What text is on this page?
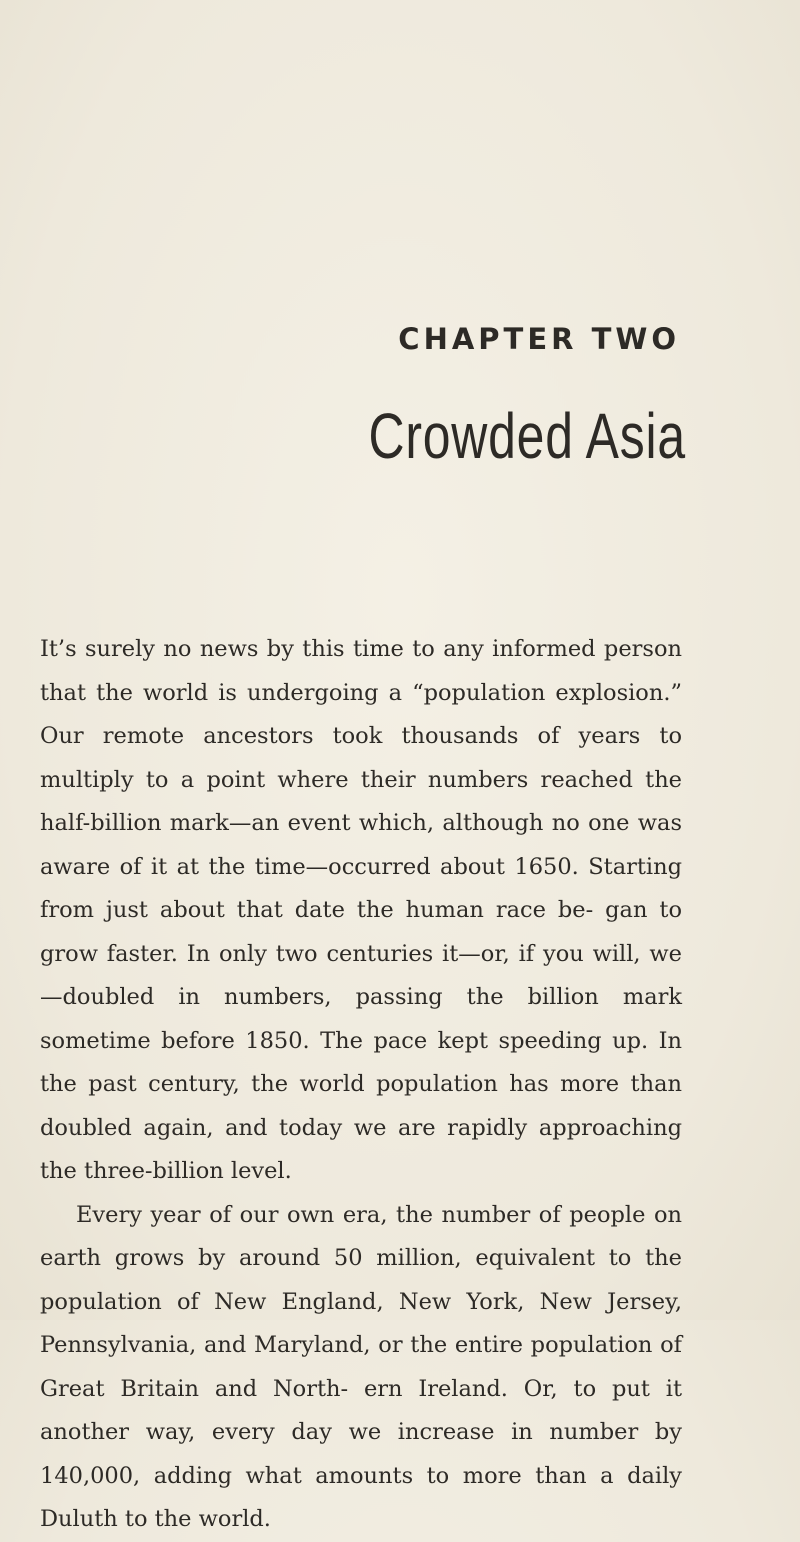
CHAPTER TWO
Crowded Asia

It’s surely no news by this time to any informed person that the world is undergoing a “population explosion.” Our remote ancestors took thousands of years to multiply to a point where their numbers reached the half-billion mark—an event which, although no one was aware of it at the time—occurred about 1650. Starting from just about that date the human race be- gan to grow faster. In only two centuries it—or, if you will, we—doubled in numbers, passing the billion mark sometime before 1850. The pace kept speeding up. In the past century, the world population has more than doubled again, and today we are rapidly approaching the three-billion level.

Every year of our own era, the number of people on earth grows by around 50 million, equivalent to the population of New England, New York, New Jersey, Pennsylvania, and Maryland, or the entire population of Great Britain and North- ern Ireland. Or, to put it another way, every day we increase in number by 140,000, adding what amounts to more than a daily Duluth to the world.
